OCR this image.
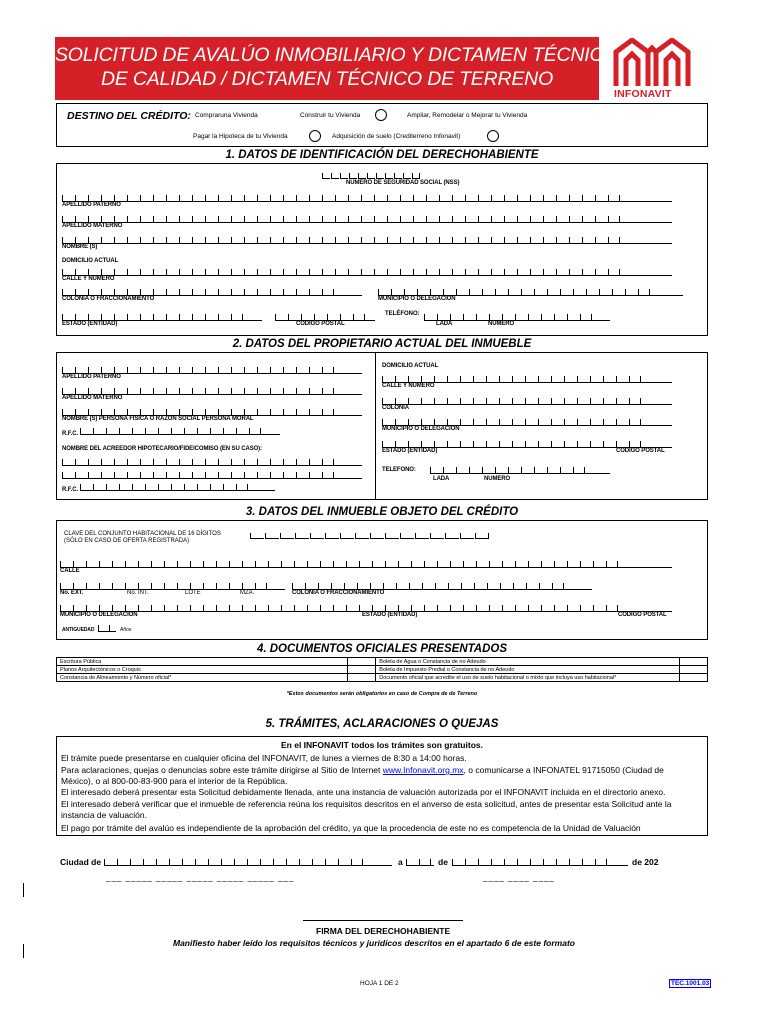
SOLICITUD DE AVALÚO INMOBILIARIO Y DICTAMEN TÉCNICO
DE CALIDAD / DICTAMEN TÉCNICO DE TERRENO
INFONAVIT
DESTINO DEL CRÉDITO: Compraruna Vivienda	Construir tu Vivienda	Ampliar, Remodelar o Mejorar tu Vivienda
Pagar la Hipoteca de tu Vivienda	Adquisición de suelo (Crediterreno Infonavit)
1. DATOS DE IDENTIFICACIÓN DEL DERECHOHABIENTE
NUMERO DE SEGURIDAD SOCIAL (NSS)
APELLIDO PATERNO
APELLIDO MATERNO
NOMBRE (S)
DOMICILIO ACTUAL
CALLE Y NUMERO
COLONIA O FRACCIONAMIENTO	MUNICIPIO O DELEGACION
ESTADO (ENTIDAD)	CODIGO POSTAL
TELÉFONO:
LADA	NUMERO
2. DATOS DEL PROPIETARIO ACTUAL DEL INMUEBLE
APELLIDO PATERNO
APELLIDO MATERNO
NOMBRE (S) PERSONA FISICA O RAZON SOCIAL PERSONA MORAL
R.F.C.
NOMBRE DEL ACREEDOR HIPOTECARIO/FIDEICOMISO (EN SU CASO):
R.F.C.
DOMICILIO ACTUAL
CALLE Y NUMERO
COLONIA
MUNICIPIO O DELEGACION
ESTADO (ENTIDAD)	CODIGO POSTAL
TELEFONO:
LADA	NUMERO
3. DATOS DEL INMUEBLE OBJETO DEL CRÉDITO
CLAVE DEL CONJUNTO HABITACIONAL DE 16 DÍGITOS
(SÓLO EN CASO DE OFERTA REGISTRADA)
CALLE
No. EXT.	No. INT.	LOTE	MZA.	COLONIA O FRACCIONAMIENTO
MUNICIPIO O DELEGACION	ESTADO (ENTIDAD)	CODIGO POSTAL
ANTIGUEDAD	Años
4. DOCUMENTOS OFICIALES PRESENTADOS
Escritura Pública		Boleta de Agua o Constancia de no Adeudo	
Planos Arquitectónicos o Croquis		Boleta de Impuesto Predial o Constancia de no Adeudo	
Constancia de Alineamiento y Número oficial*		Documento oficial que acredite el uso de suelo habitacional o mixto que incluya uso habitacional*	
*Estos documentos serán obligatorios en caso de Compra de de Terreno
5. TRÁMITES, ACLARACIONES O QUEJAS
En el INFONAVIT todos los trámites son gratuitos.
El trámite puede presentarse en cualquier oficina del INFONAVIT, de lunes a viernes de 8:30 a 14:00 horas.
Para aclaraciones, quejas o denuncias sobre este trámite dirigirse al Sitio de Internet www.Infonavit.org.mx, o comunicarse a INFONATEL 91715050 (Ciudad de
México), o al 800-00-83-900 para el interior de la República.
El interesado deberá presentar esta Solicitud debidamente llenada, ante una instancia de valuación autorizada por el INFONAVIT incluida en el directorio anexo.
El interesado deberá verificar que el inmueble de referencia reúna los requisitos descritos en el anverso de esta solicitud, antes de presentar esta Solicitud ante la
instancia de valuación.
El pago por trámite del avalúo es independiente de la aprobación del crédito, ya que la procedencia de este no es competencia de la Unidad de Valuación
Ciudad de	a	de	de 202
___ _____ _____ _____ _____ _____ ___	____ ____ ____
FIRMA DEL DERECHOHABIENTE
Manifiesto haber leído los requisitos técnicos y jurídicos descritos en el apartado 6 de este formato
HOJA 1 DE 2	TEC.1001.03
